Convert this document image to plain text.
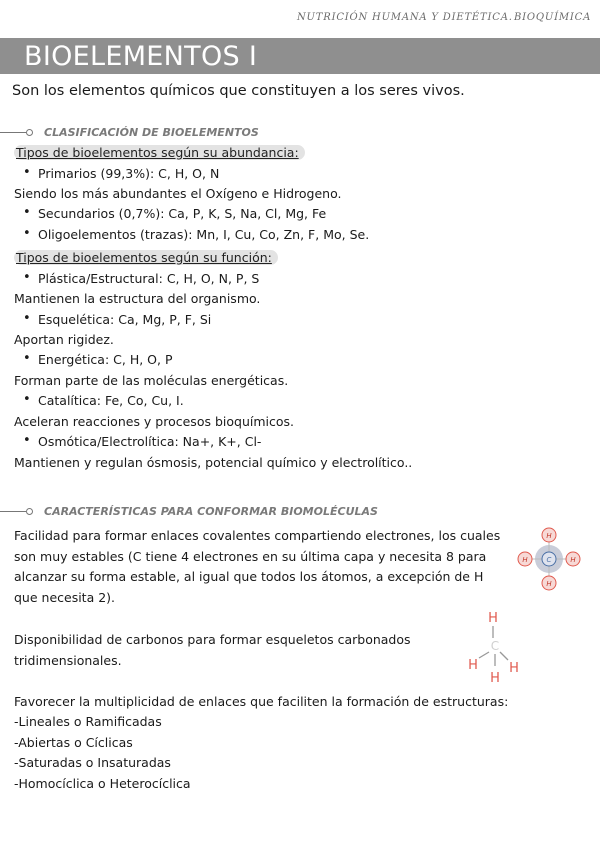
NUTRICIÓN HUMANA Y DIETÉTICA. BIOQUÍMICA
BIOELEMENTOS I
Son los elementos químicos que constituyen a los seres vivos.
CLASIFICACIÓN DE BIOELEMENTOS
Tipos de bioelementos según su abundancia:
• Primarios (99,3%): C, H, O, N
Siendo los más abundantes el Oxígeno e Hidrogeno.
• Secundarios (0,7%): Ca, P, K, S, Na, Cl, Mg, Fe
• Oligoelementos (trazas): Mn, I, Cu, Co, Zn, F, Mo, Se.
Tipos de bioelementos según su función:
• Plástica/Estructural: C, H, O, N, P, S
Mantienen la estructura del organismo.
• Esquelética: Ca, Mg, P, F, Si
Aportan rigidez.
• Energética: C, H, O, P
Forman parte de las moléculas energéticas.
• Catalítica: Fe, Co, Cu, I.
Aceleran reacciones y procesos bioquímicos.
• Osmótica/Electrolítica: Na+, K+, Cl-
Mantienen y regulan ósmosis, potencial químico y electrolítico..
CARACTERÍSTICAS PARA CONFORMAR BIOMOLÉCULAS
Facilidad para formar enlaces covalentes compartiendo electrones, los cuales son muy estables (C tiene 4 electrones en su última capa y necesita 8 para alcanzar su forma estable, al igual que todos los átomos, a excepción de H que necesita 2).
Disponibilidad de carbonos para formar esqueletos carbonados tridimensionales.
Favorecer la multiplicidad de enlaces que faciliten la formación de estructuras:
-Lineales o Ramificadas
-Abiertas o Cíclicas
-Saturadas o Insaturadas
-Homocíclica o Heterocíclica
C
H
H
H	H
H
C
H
H
H
